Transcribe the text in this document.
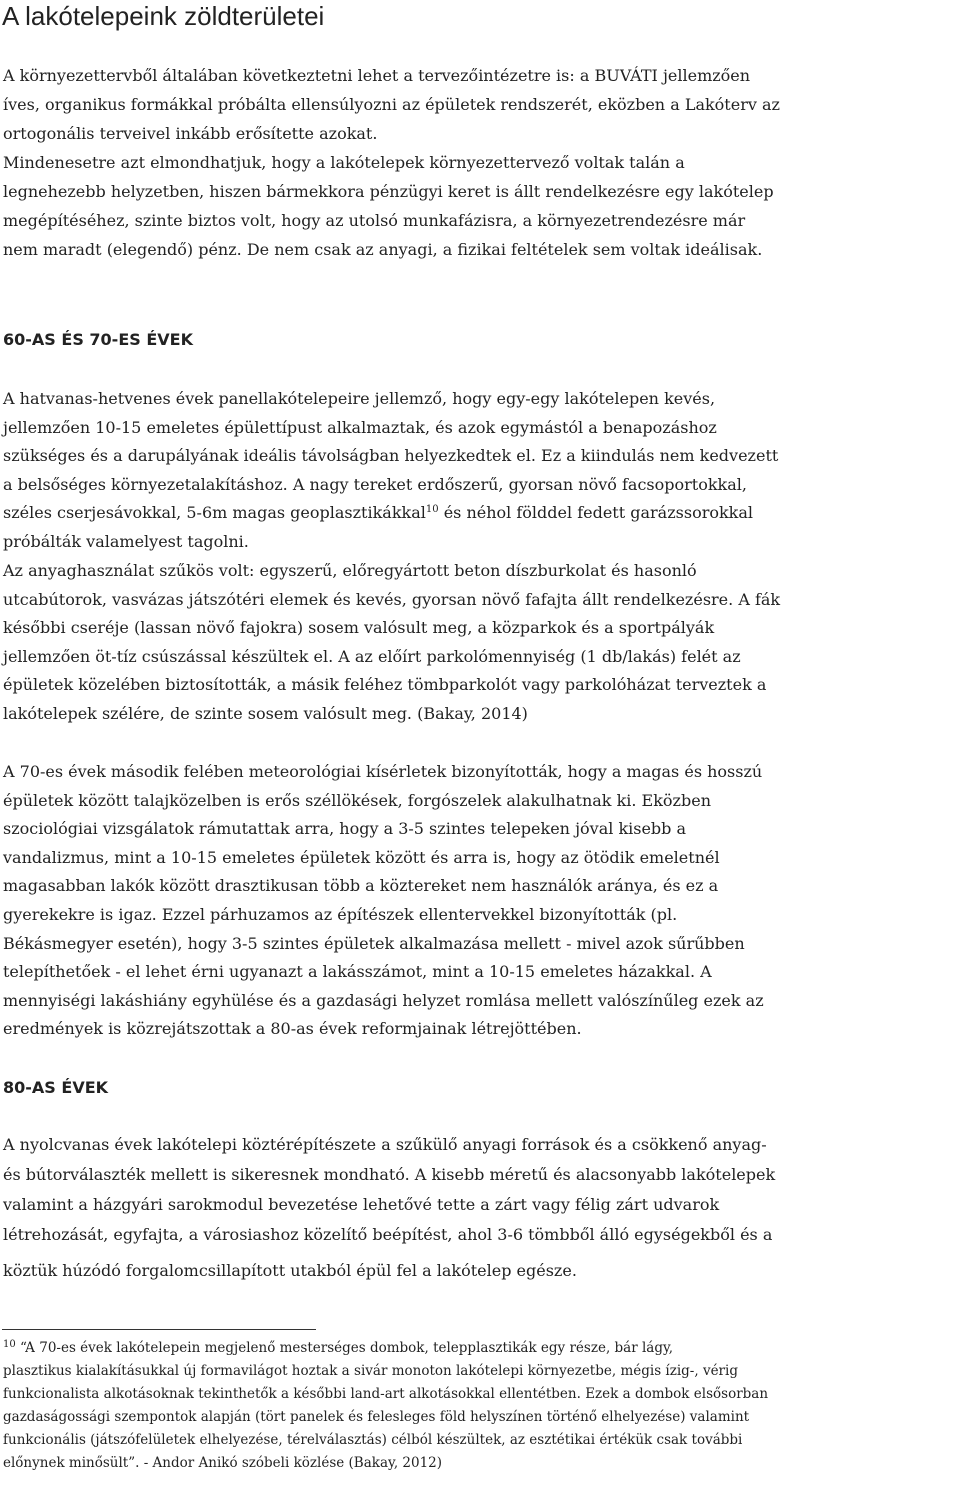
A lakótelepeink zöldterületei
A környezettervből általában következtetni lehet a tervezőintézetre is: a BUVÁTI jellemzően
íves, organikus formákkal próbálta ellensúlyozni az épületek rendszerét, eközben a Lakóterv az
ortogonális terveivel inkább erősítette azokat.
Mindenesetre azt elmondhatjuk, hogy a lakótelepek környezettervező voltak talán a
legnehezebb helyzetben, hiszen bármekkora pénzügyi keret is állt rendelkezésre egy lakótelep
megépítéséhez, szinte biztos volt, hogy az utolsó munkafázisra, a környezetrendezésre már
nem maradt (elegendő) pénz. De nem csak az anyagi, a fizikai feltételek sem voltak ideálisak.
60-AS ÉS 70-ES ÉVEK
A hatvanas-hetvenes évek panellakótelepeire jellemző, hogy egy-egy lakótelepen kevés,
jellemzően 10-15 emeletes épülettípust alkalmaztak, és azok egymástól a benapozáshoz
szükséges és a darupályának ideális távolságban helyezkedtek el. Ez a kiindulás nem kedvezett
a belsőséges környezetalakításhoz. A nagy tereket erdőszerű, gyorsan növő facsoportokkal,
széles cserjesávokkal, 5-6m magas geoplasztikákkal$^{10}$ és néhol földdel fedett garázssorokkal
próbálták valamelyest tagolni.
Az anyaghasználat szűkös volt: egyszerű, előregyártott beton díszburkolat és hasonló
utcabútorok, vasvázas játszótéri elemek és kevés, gyorsan növő fafajta állt rendelkezésre. A fák
későbbi cseréje (lassan növő fajokra) sosem valósult meg, a közparkok és a sportpályák
jellemzően öt-tíz csúszással készültek el. A az előírt parkolómennyiség (1 db/lakás) felét az
épületek közelében biztosították, a másik feléhez tömbparkolót vagy parkolóházat terveztek a
lakótelepek szélére, de szinte sosem valósult meg. (Bakay, 2014)
A 70-es évek második felében meteorológiai kísérletek bizonyították, hogy a magas és hosszú
épületek között talajközelben is erős széllökések, forgószelek alakulhatnak ki. Eközben
szociológiai vizsgálatok rámutattak arra, hogy a 3-5 szintes telepeken jóval kisebb a
vandalizmus, mint a 10-15 emeletes épületek között és arra is, hogy az ötödik emeletnél
magasabban lakók között drasztikusan több a köztereket nem használók aránya, és ez a
gyerekekre is igaz. Ezzel párhuzamos az építészek ellentervekkel bizonyították (pl.
Békásmegyer esetén), hogy 3-5 szintes épületek alkalmazása mellett - mivel azok sűrűbben
telepíthetőek - el lehet érni ugyanazt a lakásszámot, mint a 10-15 emeletes házakkal. A
mennyiségi lakáshiány egyhülése és a gazdasági helyzet romlása mellett valószínűleg ezek az
eredmények is közrejátszottak a 80-as évek reformjainak létrejöttében.
80-AS ÉVEK
A nyolcvanas évek lakótelepi köztérépítészete a szűkülő anyagi források és a csökkenő anyag-
és bútorválaszték mellett is sikeresnek mondható. A kisebb méretű és alacsonyabb lakótelepek
valamint a házgyári sarokmodul bevezetése lehetővé tette a zárt vagy félig zárt udvarok
létrehozását, egyfajta, a városiashoz közelítő beépítést, ahol 3-6 tömbből álló egységekből és a
köztük húzódó forgalomcsillapított utakból épül fel a lakótelep egésze.
$^{10}$ “A 70-es évek lakótelepein megjelenő mesterséges dombok, telepplasztikák egy része, bár lágy,
plasztikus kialakításukkal új formavilágot hoztak a sivár monoton lakótelepi környezetbe, mégis ízig-, vérig
funkcionalista alkotásoknak tekinthetők a későbbi land-art alkotásokkal ellentétben. Ezek a dombok elsősorban
gazdaságossági szempontok alapján (tört panelek és felesleges föld helyszínen történő elhelyezése) valamint
funkcionális (játszófelületek elhelyezése, térelválasztás) célból készültek, az esztétikai értékük csak további
előnynek minősült”. - Andor Anikó szóbeli közlése (Bakay, 2012)
